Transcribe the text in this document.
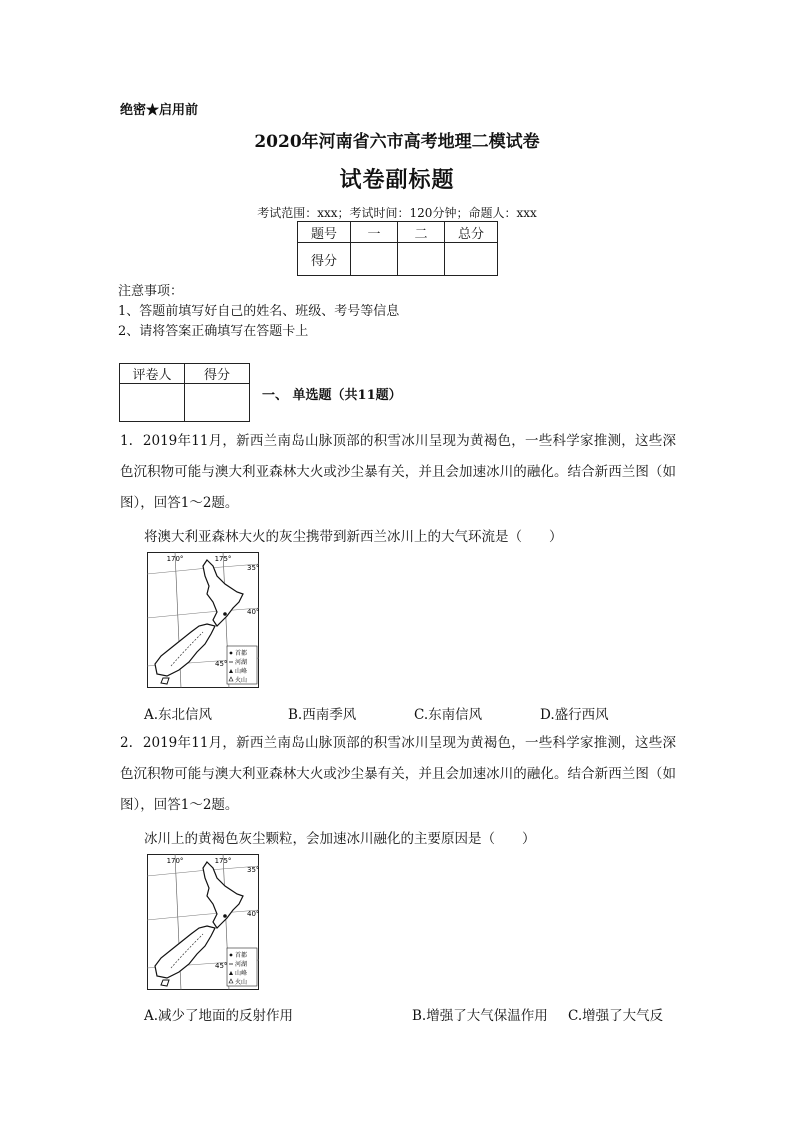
绝密★启用前
2020年河南省六市高考地理二模试卷
试卷副标题
考试范围：xxx；考试时间：120分钟；命题人：xxx
题号	一	二	总分
得分			
注意事项：
1、答题前填写好自己的姓名、班级、考号等信息
2、请将答案正确填写在答题卡上
评卷人	得分

一、 单选题（共11题）
1. 2019年11月，新西兰南岛山脉顶部的积雪冰川呈现为黄褐色，一些科学家推测，这些深色沉积物可能与澳大利亚森林大火或沙尘暴有关，并且会加速冰川的融化。结合新西兰图（如图），回答1～2题。
将澳大利亚森林大火的灰尘携带到新西兰冰川上的大气环流是（　　）
170°	175°
35°
40°
45°
首都
河湖
山峰
火山
A.东北信风	B.西南季风	C.东南信风	D.盛行西风
2. 2019年11月，新西兰南岛山脉顶部的积雪冰川呈现为黄褐色，一些科学家推测，这些深色沉积物可能与澳大利亚森林大火或沙尘暴有关，并且会加速冰川的融化。结合新西兰图（如图），回答1～2题。
冰川上的黄褐色灰尘颗粒，会加速冰川融化的主要原因是（　　）
170°	175°
35°
40°
45°
首都
河湖
山峰
火山
A.减少了地面的反射作用	B.增强了大气保温作用 C.增强了大气反
